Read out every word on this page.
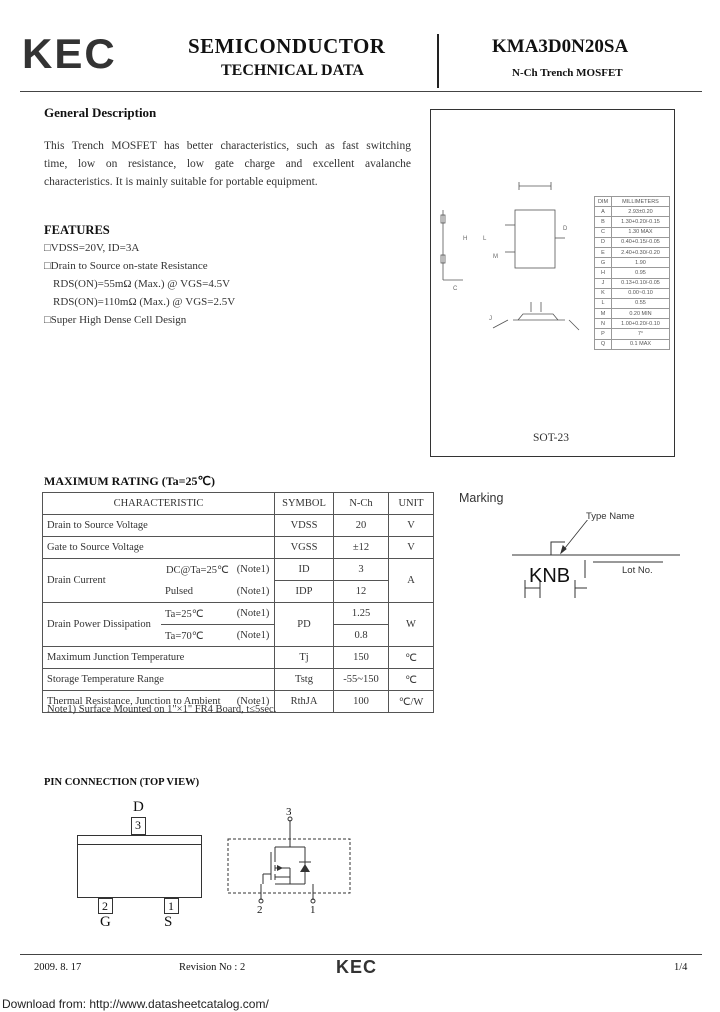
KEC	SEMICONDUCTOR
TECHNICAL DATA
KMA3D0N20SA
N-Ch Trench MOSFET
General Description
This Trench MOSFET has better characteristics, such as fast switching
time, low on resistance, low gate charge and excellent avalanche
characteristics. It is mainly suitable for portable equipment.
FEATURES
□VDSS=20V, ID=3A
□Drain to Source on-state Resistance
RDS(ON)=55mΩ (Max.) @ VGS=4.5V
RDS(ON)=110mΩ (Max.) @ VGS=2.5V
□Super High Dense Cell Design
H	L
M
D
C
J
DIM	MILLIMETERS
A	2.93±0.20
B	1.30+0.20/-0.15
C	1.30 MAX
D	0.40+0.15/-0.05
E	2.40+0.30/-0.20
G	1.90
H	0.95
J	0.13+0.10/-0.05
K	0.00~0.10
L	0.55
M	0.20 MIN
N	1.00+0.20/-0.10
P	7°
Q	0.1 MAX
SOT-23
MAXIMUM RATING (Ta=25℃)
CHARACTERISTIC			SYMBOL	N-Ch	UNIT
Drain to Source Voltage			VDSS	20	V
Gate to Source Voltage			VGSS	±12	V
Drain Current	DC@Ta=25℃	(Note1)	ID	3	A
	Pulsed	(Note1)	IDP	12	
Drain Power Dissipation	Ta=25℃	(Note1)	PD	1.25	W
	Ta=70℃	(Note1)		0.8	
Maximum Junction Temperature			Tj	150	℃
Storage Temperature Range			Tstg	-55~150	℃
Thermal Resistance, Junction to Ambient		(Note1)	RthJA	100	℃/W
Note1) Surface Mounted on 1"×1" FR4 Board, t≤5sec.
Marking
Type Name
KNB	Lot No.
PIN CONNECTION (TOP VIEW)
D
3
2	1
G	S
3
2	1
2009. 8. 17	Revision No : 2	KEC	1/4
Download from: http://www.datasheetcatalog.com/
